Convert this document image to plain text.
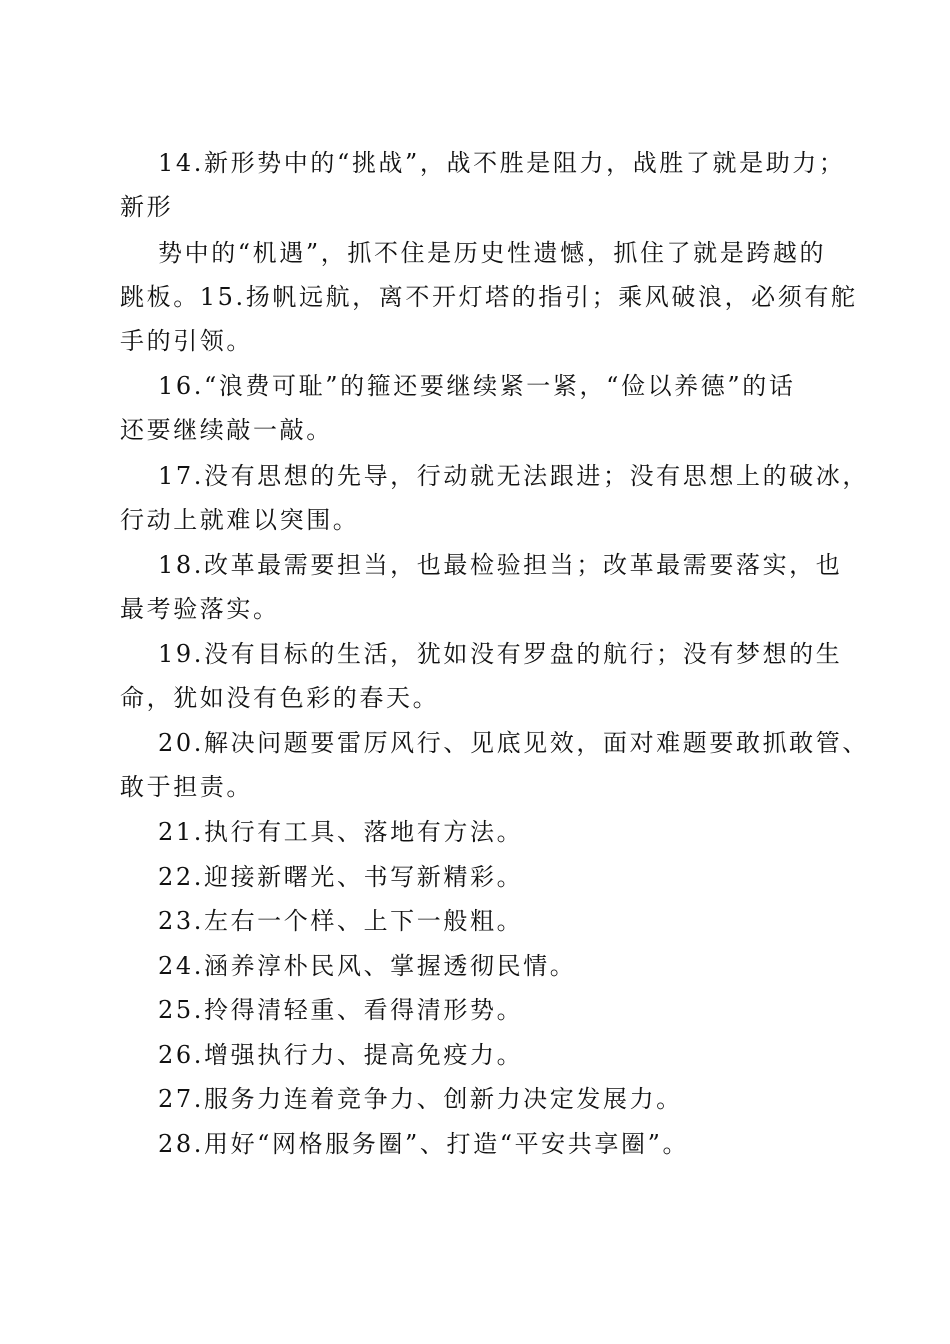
14.新形势中的“挑战”，战不胜是阻力，战胜了就是助力；
新形
势中的“机遇”，抓不住是历史性遗憾，抓住了就是跨越的
跳板。15.扬帆远航，离不开灯塔的指引；乘风破浪，必须有舵
手的引领。
16.“浪费可耻”的箍还要继续紧一紧，“俭以养德”的话
还要继续敲一敲。
17.没有思想的先导，行动就无法跟进；没有思想上的破冰，
行动上就难以突围。
18.改革最需要担当，也最检验担当；改革最需要落实，也
最考验落实。
19.没有目标的生活，犹如没有罗盘的航行；没有梦想的生
命，犹如没有色彩的春天。
20.解决问题要雷厉风行、见底见效，面对难题要敢抓敢管、
敢于担责。
21.执行有工具、落地有方法。
22.迎接新曙光、书写新精彩。
23.左右一个样、上下一般粗。
24.涵养淳朴民风、掌握透彻民情。
25.拎得清轻重、看得清形势。
26.增强执行力、提高免疫力。
27.服务力连着竞争力、创新力决定发展力。
28.用好“网格服务圈”、打造“平安共享圈”。
